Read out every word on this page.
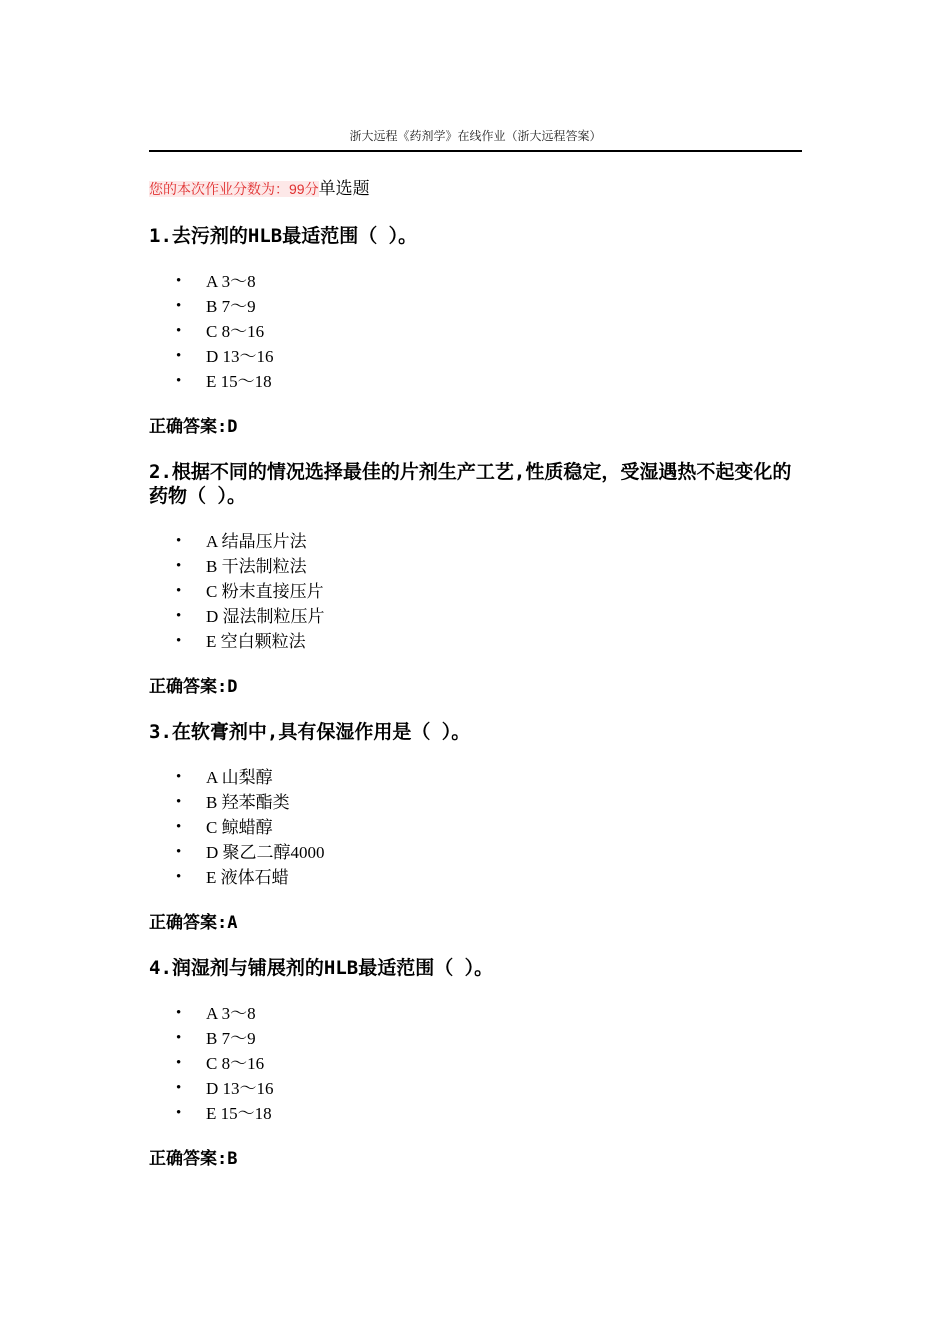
浙大远程《药剂学》在线作业（浙大远程答案）
您的本次作业分数为：99分单选题

1.去污剂的HLB最适范围（ ）。

• A 3～8
• B 7～9
• C 8～16
• D 13～16
• E 15～18

正确答案:D

2.根据不同的情况选择最佳的片剂生产工艺,性质稳定，受湿遇热不起变化的药物（ ）。

• A 结晶压片法
• B 干法制粒法
• C 粉末直接压片
• D 湿法制粒压片
• E 空白颗粒法

正确答案:D

3.在软膏剂中,具有保湿作用是（ ）。

• A 山梨醇
• B 羟苯酯类
• C 鲸蜡醇
• D 聚乙二醇4000
• E 液体石蜡

正确答案:A

4.润湿剂与铺展剂的HLB最适范围（ ）。

• A 3～8
• B 7～9
• C 8～16
• D 13～16
• E 15～18

正确答案:B
